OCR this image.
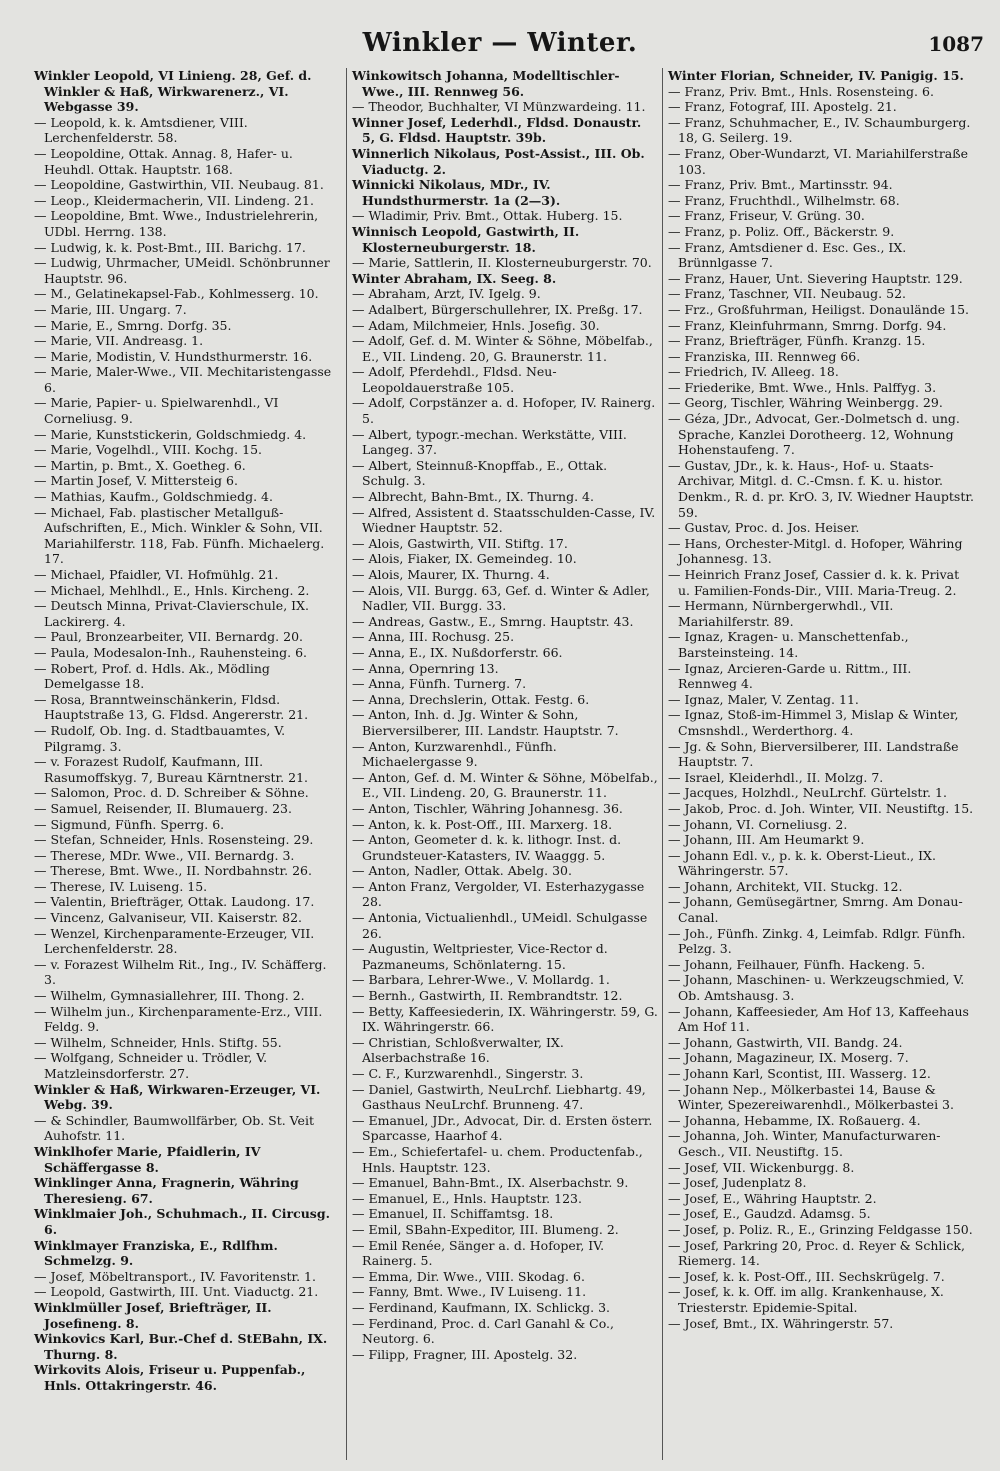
Winkler — Winter.	1087

Winkler Leopold, VI Linieng. 28, Gef. d. Winkler & Haß, Wirkwarenerz., VI. Webgasse 39.

— Leopold, k. k. Amtsdiener, VIII. Lerchenfelderstr. 58.

— Leopoldine, Ottak. Annag. 8, Hafer- u. Heuhdl. Ottak. Hauptstr. 168.

— Leopoldine, Gastwirthin, VII. Neubaug. 81.

— Leop., Kleidermacherin, VII. Lindeng. 21.

— Leopoldine, Bmt. Wwe., Industrielehrerin, UDbl. Herrng. 138.

— Ludwig, k. k. Post-Bmt., III. Barichg. 17.

— Ludwig, Uhrmacher, UMeidl. Schönbrunner Hauptstr. 96.

— M., Gelatinekapsel-Fab., Kohlmesserg. 10.

— Marie, III. Ungarg. 7.

— Marie, E., Smrng. Dorfg. 35.

— Marie, VII. Andreasg. 1.

— Marie, Modistin, V. Hundsthurmerstr. 16.

— Marie, Maler-Wwe., VII. Mechitaristengasse 6.

— Marie, Papier- u. Spielwarenhdl., VI Corneliusg. 9.

— Marie, Kunststickerin, Goldschmiedg. 4.

— Marie, Vogelhdl., VIII. Kochg. 15.

— Martin, p. Bmt., X. Goetheg. 6.

— Martin Josef, V. Mittersteig 6.

— Mathias, Kaufm., Goldschmiedg. 4.

— Michael, Fab. plastischer Metallguß-Aufschriften, E., Mich. Winkler & Sohn, VII. Mariahilferstr. 118, Fab. Fünfh. Michaelerg. 17.

— Michael, Pfaidler, VI. Hofmühlg. 21.

— Michael, Mehlhdl., E., Hnls. Kircheng. 2.

— Deutsch Minna, Privat-Clavierschule, IX. Lackirerg. 4.

— Paul, Bronzearbeiter, VII. Bernardg. 20.

— Paula, Modesalon-Inh., Rauhensteing. 6.

— Robert, Prof. d. Hdls. Ak., Mödling Demelgasse 18.

— Rosa, Branntweinschänkerin, Fldsd. Hauptstraße 13, G. Fldsd. Angererstr. 21.

— Rudolf, Ob. Ing. d. Stadtbauamtes, V. Pilgramg. 3.

— v. Forazest Rudolf, Kaufmann, III. Rasumoffskyg. 7, Bureau Kärntnerstr. 21.

— Salomon, Proc. d. D. Schreiber & Söhne.

— Samuel, Reisender, II. Blumauerg. 23.

— Sigmund, Fünfh. Sperrg. 6.

— Stefan, Schneider, Hnls. Rosensteing. 29.

— Therese, MDr. Wwe., VII. Bernardg. 3.

— Therese, Bmt. Wwe., II. Nordbahnstr. 26.

— Therese, IV. Luiseng. 15.

— Valentin, Briefträger, Ottak. Laudong. 17.

— Vincenz, Galvaniseur, VII. Kaiserstr. 82.

— Wenzel, Kirchenparamente-Erzeuger, VII. Lerchenfelderstr. 28.

— v. Forazest Wilhelm Rit., Ing., IV. Schäfferg. 3.

— Wilhelm, Gymnasiallehrer, III. Thong. 2.

— Wilhelm jun., Kirchenparamente-Erz., VIII. Feldg. 9.

— Wilhelm, Schneider, Hnls. Stiftg. 55.

— Wolfgang, Schneider u. Trödler, V. Matzleinsdorferstr. 27.

Winkler & Haß, Wirkwaren-Erzeuger, VI. Webg. 39.

— & Schindler, Baumwollfärber, Ob. St. Veit Auhofstr. 11.

Winklhofer Marie, Pfaidlerin, IV Schäffergasse 8.

Winklinger Anna, Fragnerin, Währing Theresieng. 67.

Winklmaier Joh., Schuhmach., II. Circusg. 6.

Winklmayer Franziska, E., Rdlfhm. Schmelzg. 9.

— Josef, Möbeltransport., IV. Favoritenstr. 1.

— Leopold, Gastwirth, III. Unt. Viaductg. 21.

Winklmüller Josef, Briefträger, II. Josefineng. 8.

Winkovics Karl, Bur.-Chef d. StEBahn, IX. Thurng. 8.

Wirkovits Alois, Friseur u. Puppenfab., Hnls. Ottakringerstr. 46.

Winkowitsch Johanna, Modelltischler-Wwe., III. Rennweg 56.

— Theodor, Buchhalter, VI Münzwardeing. 11.

Winner Josef, Lederhdl., Fldsd. Donaustr. 5, G. Fldsd. Hauptstr. 39b.

Winnerlich Nikolaus, Post-Assist., III. Ob. Viaductg. 2.

Winnicki Nikolaus, MDr., IV. Hundsthurmerstr. 1a (2—3).

— Wladimir, Priv. Bmt., Ottak. Huberg. 15.

Winnisch Leopold, Gastwirth, II. Klosterneuburgerstr. 18.

— Marie, Sattlerin, II. Klosterneuburgerstr. 70.

Winter Abraham, IX. Seeg. 8.

— Abraham, Arzt, IV. Igelg. 9.

— Adalbert, Bürgerschullehrer, IX. Preßg. 17.

— Adam, Milchmeier, Hnls. Josefig. 30.

— Adolf, Gef. d. M. Winter & Söhne, Möbelfab., E., VII. Lindeng. 20, G. Braunerstr. 11.

— Adolf, Pferdehdl., Fldsd. Neu-Leopoldauerstraße 105.

— Adolf, Corpstänzer a. d. Hofoper, IV. Rainerg. 5.

— Albert, typogr.-mechan. Werkstätte, VIII. Langeg. 37.

— Albert, Steinnuß-Knopffab., E., Ottak. Schulg. 3.

— Albrecht, Bahn-Bmt., IX. Thurng. 4.

— Alfred, Assistent d. Staatsschulden-Casse, IV. Wiedner Hauptstr. 52.

— Alois, Gastwirth, VII. Stiftg. 17.

— Alois, Fiaker, IX. Gemeindeg. 10.

— Alois, Maurer, IX. Thurng. 4.

— Alois, VII. Burgg. 63, Gef. d. Winter & Adler, Nadler, VII. Burgg. 33.

— Andreas, Gastw., E., Smrng. Hauptstr. 43.

— Anna, III. Rochusg. 25.

— Anna, E., IX. Nußdorferstr. 66.

— Anna, Opernring 13.

— Anna, Fünfh. Turnerg. 7.

— Anna, Drechslerin, Ottak. Festg. 6.

— Anton, Inh. d. Jg. Winter & Sohn, Bierversilberer, III. Landstr. Hauptstr. 7.

— Anton, Kurzwarenhdl., Fünfh. Michaelergasse 9.

— Anton, Gef. d. M. Winter & Söhne, Möbelfab., E., VII. Lindeng. 20, G. Braunerstr. 11.

— Anton, Tischler, Währing Johannesg. 36.

— Anton, k. k. Post-Off., III. Marxerg. 18.

— Anton, Geometer d. k. k. lithogr. Inst. d. Grundsteuer-Katasters, IV. Waaggg. 5.

— Anton, Nadler, Ottak. Abelg. 30.

— Anton Franz, Vergolder, VI. Esterhazygasse 28.

— Antonia, Victualienhdl., UMeidl. Schulgasse 26.

— Augustin, Weltpriester, Vice-Rector d. Pazmaneums, Schönlaterng. 15.

— Barbara, Lehrer-Wwe., V. Mollardg. 1.

— Bernh., Gastwirth, II. Rembrandtstr. 12.

— Betty, Kaffeesiederin, IX. Währingerstr. 59, G. IX. Währingerstr. 66.

— Christian, Schloßverwalter, IX. Alserbachstraße 16.

— C. F., Kurzwarenhdl., Singerstr. 3.

— Daniel, Gastwirth, NeuLrchf. Liebhartg. 49, Gasthaus NeuLrchf. Brunneng. 47.

— Emanuel, JDr., Advocat, Dir. d. Ersten österr. Sparcasse, Haarhof 4.

— Em., Schiefertafel- u. chem. Productenfab., Hnls. Hauptstr. 123.

— Emanuel, Bahn-Bmt., IX. Alserbachstr. 9.

— Emanuel, E., Hnls. Hauptstr. 123.

— Emanuel, II. Schiffamtsg. 18.

— Emil, SBahn-Expeditor, III. Blumeng. 2.

— Emil Renée, Sänger a. d. Hofoper, IV. Rainerg. 5.

— Emma, Dir. Wwe., VIII. Skodag. 6.

— Fanny, Bmt. Wwe., IV Luiseng. 11.

— Ferdinand, Kaufmann, IX. Schlickg. 3.

— Ferdinand, Proc. d. Carl Ganahl & Co., Neutorg. 6.

— Filipp, Fragner, III. Apostelg. 32.

Winter Florian, Schneider, IV. Panigig. 15.

— Franz, Priv. Bmt., Hnls. Rosensteing. 6.

— Franz, Fotograf, III. Apostelg. 21.

— Franz, Schuhmacher, E., IV. Schaumburgerg. 18, G. Seilerg. 19.

— Franz, Ober-Wundarzt, VI. Mariahilferstraße 103.

— Franz, Priv. Bmt., Martinsstr. 94.

— Franz, Fruchthdl., Wilhelmstr. 68.

— Franz, Friseur, V. Grüng. 30.

— Franz, p. Poliz. Off., Bäckerstr. 9.

— Franz, Amtsdiener d. Esc. Ges., IX. Brünnlgasse 7.

— Franz, Hauer, Unt. Sievering Hauptstr. 129.

— Franz, Taschner, VII. Neubaug. 52.

— Frz., Großfuhrman, Heiligst. Donaulände 15.

— Franz, Kleinfuhrmann, Smrng. Dorfg. 94.

— Franz, Briefträger, Fünfh. Kranzg. 15.

— Franziska, III. Rennweg 66.

— Friedrich, IV. Alleeg. 18.

— Friederike, Bmt. Wwe., Hnls. Palffyg. 3.

— Georg, Tischler, Währing Weinbergg. 29.

— Géza, JDr., Advocat, Ger.-Dolmetsch d. ung. Sprache, Kanzlei Dorotheerg. 12, Wohnung Hohenstaufeng. 7.

— Gustav, JDr., k. k. Haus-, Hof- u. Staats-Archivar, Mitgl. d. C.-Cmsn. f. K. u. histor. Denkm., R. d. pr. KrO. 3, IV. Wiedner Hauptstr. 59.

— Gustav, Proc. d. Jos. Heiser.

— Hans, Orchester-Mitgl. d. Hofoper, Währing Johannesg. 13.

— Heinrich Franz Josef, Cassier d. k. k. Privat u. Familien-Fonds-Dir., VIII. Maria-Treug. 2.

— Hermann, Nürnbergerwhdl., VII. Mariahilferstr. 89.

— Ignaz, Kragen- u. Manschettenfab., Barsteinsteing. 14.

— Ignaz, Arcieren-Garde u. Rittm., III. Rennweg 4.

— Ignaz, Maler, V. Zentag. 11.

— Ignaz, Stoß-im-Himmel 3, Mislap & Winter, Cmsnshdl., Werderthorg. 4.

— Jg. & Sohn, Bierversilberer, III. Landstraße Hauptstr. 7.

— Israel, Kleiderhdl., II. Molzg. 7.

— Jacques, Holzhdl., NeuLrchf. Gürtelstr. 1.

— Jakob, Proc. d. Joh. Winter, VII. Neustiftg. 15.

— Johann, VI. Corneliusg. 2.

— Johann, III. Am Heumarkt 9.

— Johann Edl. v., p. k. k. Oberst-Lieut., IX. Währingerstr. 57.

— Johann, Architekt, VII. Stuckg. 12.

— Johann, Gemüsegärtner, Smrng. Am Donau-Canal.

— Joh., Fünfh. Zinkg. 4, Leimfab. Rdlgr. Fünfh. Pelzg. 3.

— Johann, Feilhauer, Fünfh. Hackeng. 5.

— Johann, Maschinen- u. Werkzeugschmied, V. Ob. Amtshausg. 3.

— Johann, Kaffeesieder, Am Hof 13, Kaffeehaus Am Hof 11.

— Johann, Gastwirth, VII. Bandg. 24.

— Johann, Magazineur, IX. Moserg. 7.

— Johann Karl, Scontist, III. Wasserg. 12.

— Johann Nep., Mölkerbastei 14, Bause & Winter, Spezereiwarenhdl., Mölkerbastei 3.

— Johanna, Hebamme, IX. Roßauerg. 4.

— Johanna, Joh. Winter, Manufacturwaren-Gesch., VII. Neustiftg. 15.

— Josef, VII. Wickenburgg. 8.

— Josef, Judenplatz 8.

— Josef, E., Währing Hauptstr. 2.

— Josef, E., Gaudzd. Adamsg. 5.

— Josef, p. Poliz. R., E., Grinzing Feldgasse 150.

— Josef, Parkring 20, Proc. d. Reyer & Schlick, Riemerg. 14.

— Josef, k. k. Post-Off., III. Sechskrügelg. 7.

— Josef, k. k. Off. im allg. Krankenhause, X. Triesterstr. Epidemie-Spital.

— Josef, Bmt., IX. Währingerstr. 57.
